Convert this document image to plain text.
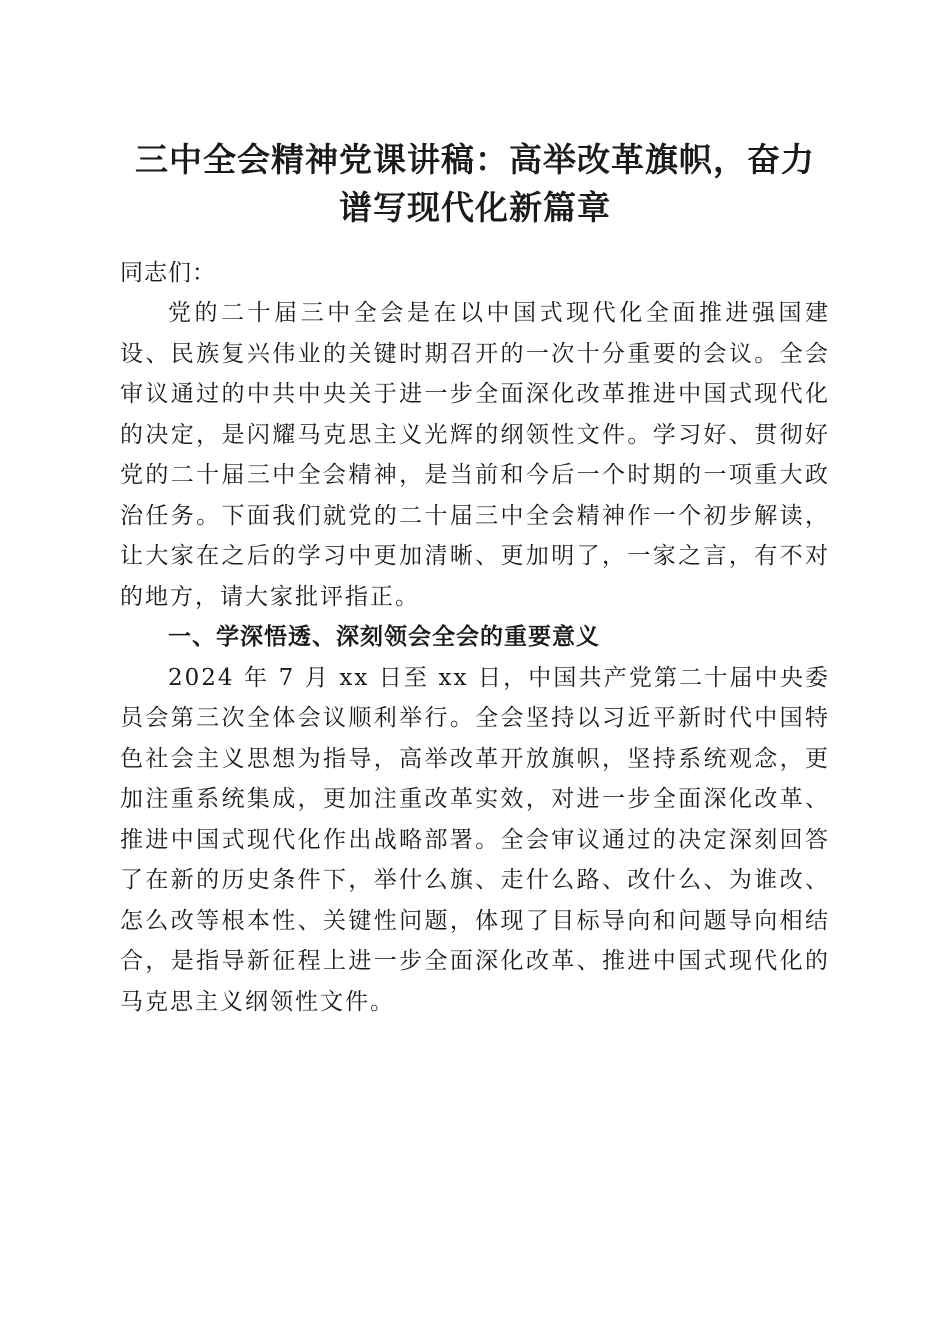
三中全会精神党课讲稿：高举改革旗帜，奋力
谱写现代化新篇章

同志们：

党的二十届三中全会是在以中国式现代化全面推进强国建设、民族复兴伟业的关键时期召开的一次十分重要的会议。全会审议通过的中共中央关于进一步全面深化改革推进中国式现代化的决定，是闪耀马克思主义光辉的纲领性文件。学习好、贯彻好党的二十届三中全会精神，是当前和今后一个时期的一项重大政治任务。下面我们就党的二十届三中全会精神作一个初步解读，让大家在之后的学习中更加清晰、更加明了，一家之言，有不对的地方，请大家批评指正。

一、学深悟透、深刻领会全会的重要意义

2024 年 7 月 xx 日至 xx 日，中国共产党第二十届中央委员会第三次全体会议顺利举行。全会坚持以习近平新时代中国特色社会主义思想为指导，高举改革开放旗帜，坚持系统观念，更加注重系统集成，更加注重改革实效，对进一步全面深化改革、推进中国式现代化作出战略部署。全会审议通过的决定深刻回答了在新的历史条件下，举什么旗、走什么路、改什么、为谁改、怎么改等根本性、关键性问题，体现了目标导向和问题导向相结合，是指导新征程上进一步全面深化改革、推进中国式现代化的马克思主义纲领性文件。
